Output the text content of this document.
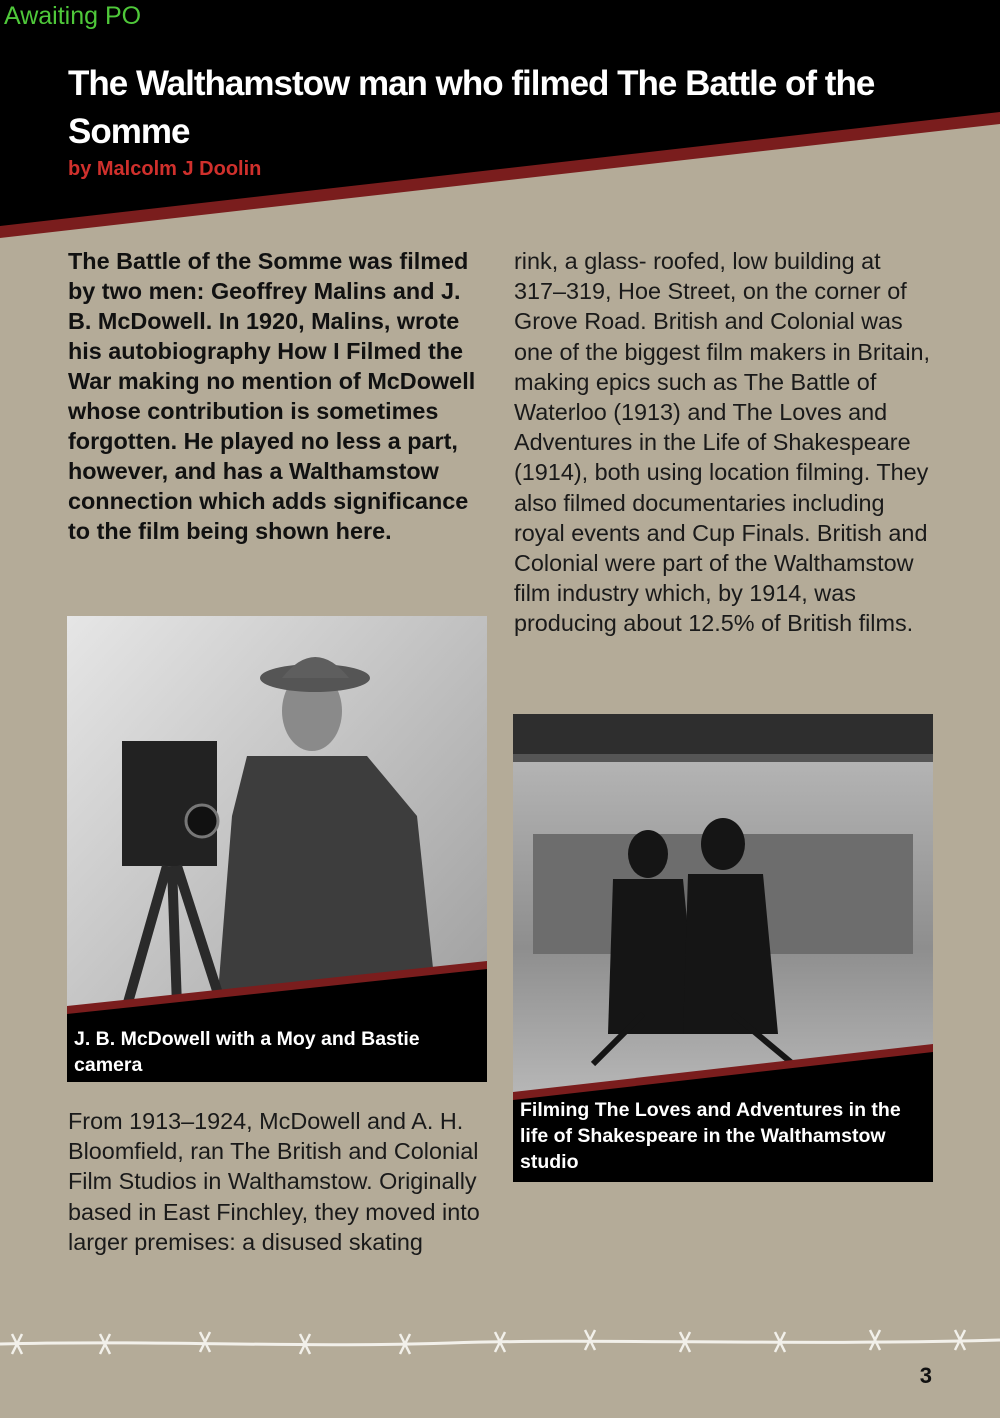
Awaiting PO
The Walthamstow man who filmed The Battle of the Somme
by Malcolm J Doolin

The Battle of the Somme was filmed by two men: Geoffrey Malins and J. B. McDowell. In 1920, Malins, wrote his autobiography How I Filmed the War making no mention of McDowell whose contribution is sometimes forgotten. He played no less a part, however, and has a Walthamstow connection which adds significance to the film being shown here.

J. B. McDowell with a Moy and Bastie camera

From 1913–1924, McDowell and A. H. Bloomfield, ran The British and Colonial Film Studios in Walthamstow. Originally based in East Finchley, they moved into larger premises: a disused skating

rink, a glass- roofed, low building at 317–319, Hoe Street, on the corner of Grove Road. British and Colonial was one of the biggest film makers in Britain, making epics such as The Battle of Waterloo (1913) and The Loves and Adventures in the Life of Shakespeare (1914), both using location filming. They also filmed documentaries including royal events and Cup Finals. British and Colonial were part of the Walthamstow film industry which, by 1914, was producing about 12.5% of British films.

Filming The Loves and Adventures in the life of Shakespeare in the Walthamstow studio

3
